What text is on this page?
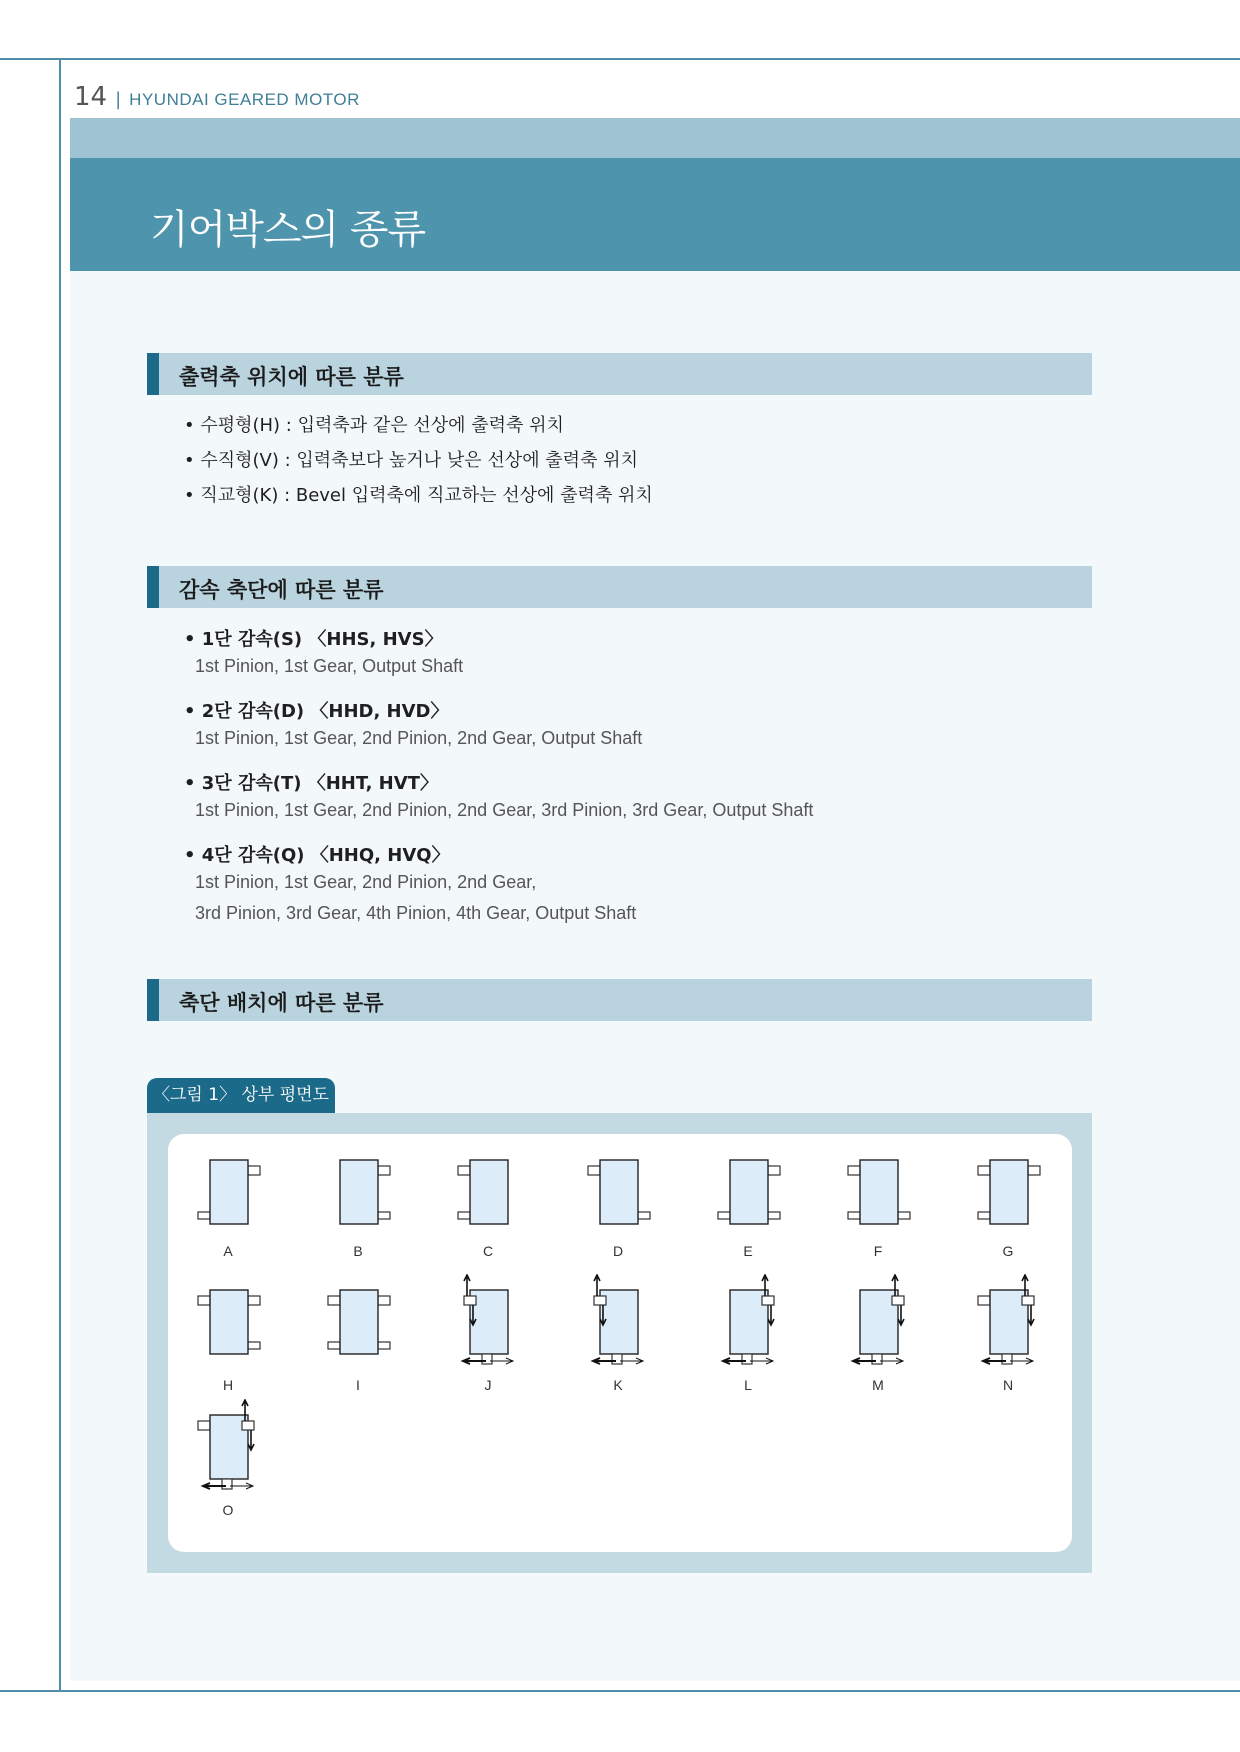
14 | HYUNDAI GEARED MOTOR
기어박스의 종류
출력축 위치에 따른 분류
• 수평형(H) : 입력축과 같은 선상에 출력축 위치
• 수직형(V) : 입력축보다 높거나 낮은 선상에 출력축 위치
• 직교형(K) : Bevel 입력축에 직교하는 선상에 출력축 위치
감속 축단에 따른 분류
• 1단 감속(S) 〈HHS, HVS〉
1st Pinion, 1st Gear, Output Shaft
• 2단 감속(D) 〈HHD, HVD〉
1st Pinion, 1st Gear, 2nd Pinion, 2nd Gear, Output Shaft
• 3단 감속(T) 〈HHT, HVT〉
1st Pinion, 1st Gear, 2nd Pinion, 2nd Gear, 3rd Pinion, 3rd Gear, Output Shaft
• 4단 감속(Q) 〈HHQ, HVQ〉
1st Pinion, 1st Gear, 2nd Pinion, 2nd Gear,
3rd Pinion, 3rd Gear, 4th Pinion, 4th Gear, Output Shaft
축단 배치에 따른 분류
〈그림 1〉 상부 평면도
A	B	C	D	E	F	G
H	I	J	K	L	M	N
O
